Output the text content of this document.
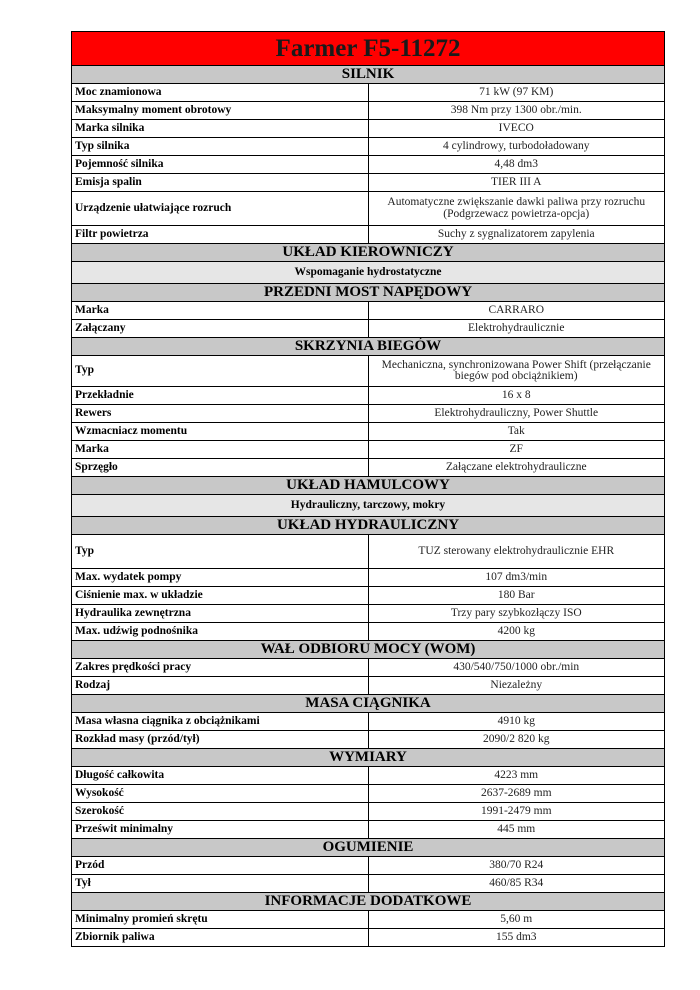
Farmer F5-11272	
SILNIK	
Moc znamionowa	71 kW (97 KM)
Maksymalny moment obrotowy	398 Nm przy 1300 obr./min.
Marka silnika	IVECO
Typ silnika	4 cylindrowy, turbodoładowany
Pojemność silnika	4,48 dm3
Emisja spalin	TIER III A
Urządzenie ułatwiające rozruch	Automatyczne zwiększanie dawki paliwa przy rozruchu (Podgrzewacz powietrza-opcja)
Filtr powietrza	Suchy z sygnalizatorem zapylenia
UKŁAD KIEROWNICZY	
Wspomaganie hydrostatyczne	
PRZEDNI MOST NAPĘDOWY	
Marka	CARRARO
Załączany	Elektrohydraulicznie
SKRZYNIA BIEGÓW	
Typ	Mechaniczna, synchronizowana Power Shift (przełączanie biegów pod obciążnikiem)
Przekładnie	16 x 8
Rewers	Elektrohydrauliczny, Power Shuttle
Wzmacniacz momentu	Tak
Marka	ZF
Sprzęgło	Załączane elektrohydrauliczne
UKŁAD HAMULCOWY	
Hydrauliczny, tarczowy, mokry	
UKŁAD HYDRAULICZNY	
Typ	TUZ sterowany elektrohydraulicznie EHR
Max. wydatek pompy	107 dm3/min
Ciśnienie max. w układzie	180 Bar
Hydraulika zewnętrzna	Trzy pary szybkozłączy ISO
Max. udźwig podnośnika	4200 kg
WAŁ ODBIORU MOCY (WOM)	
Zakres prędkości pracy	430/540/750/1000 obr./min
Rodzaj	Niezależny
MASA CIĄGNIKA	
Masa własna ciągnika z obciążnikami	4910 kg
Rozkład masy (przód/tył)	2090/2 820 kg
WYMIARY	
Długość całkowita	4223 mm
Wysokość	2637-2689 mm
Szerokość	1991-2479 mm
Prześwit minimalny	445 mm
OGUMIENIE	
Przód	380/70 R24
Tył	460/85 R34
INFORMACJE DODATKOWE	
Minimalny promień skrętu	5,60 m
Zbiornik paliwa	155 dm3
